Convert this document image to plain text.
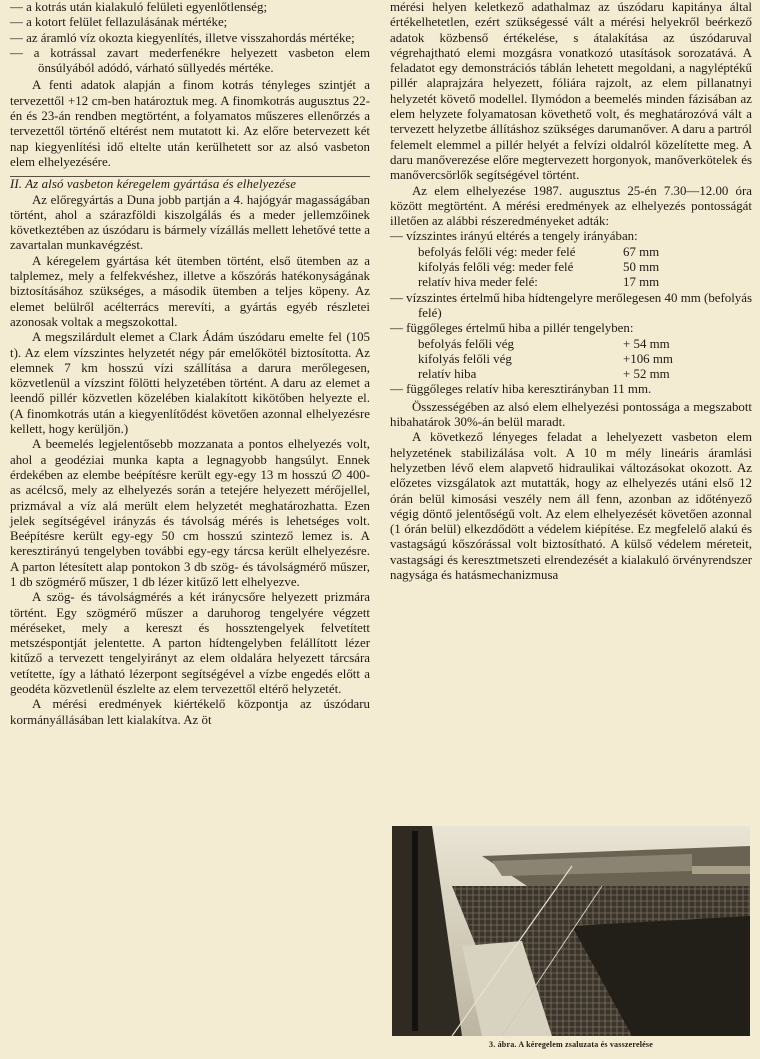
— a kotrás után kialakuló felületi egyenlőtlenség;

— a kotort felület fellazulásának mértéke;

— az áramló víz okozta kiegyenlítés, illetve visszahordás mértéke;

— a kotrással zavart mederfenékre helyezett vasbeton elem önsúlyából adódó, várható süllyedés mértéke.

A fenti adatok alapján a finom kotrás tényleges szintjét a tervezettől +12 cm-ben határoztuk meg. A finomkotrás augusztus 22-én és 23-án rendben megtörtént, a folyamatos műszeres ellenőrzés a tervezettől történő eltérést nem mutatott ki. Az előre betervezett két nap kiegyenlítési idő eltelte után kerülhetett sor az alsó vasbeton elem elhelyezésére.

II. Az alsó vasbeton kéregelem gyártása és elhelyezése

Az előregyártás a Duna jobb partján a 4. hajógyár magasságában történt, ahol a szárazföldi kiszolgálás és a meder jellemzőinek következtében az úszódaru is bármely vízállás mellett lehetővé tette a zavartalan munkavégzést.

A kéregelem gyártása két ütemben történt, első ütemben az a talplemez, mely a felfekvéshez, illetve a kőszórás hatékonyságának biztosításához szükséges, a második ütemben a teljes köpeny. Az elemet belülről acélterrács merevíti, a gyártás egyéb részletei azonosak voltak a megszokottal.

A megszilárdult elemet a Clark Ádám úszódaru emelte fel (105 t). Az elem vízszintes helyzetét négy pár emelőkötél biztosította. Az elemnek 7 km hosszú vízi szállítása a darura merőlegesen, közvetlenül a vízszint fölötti helyzetében történt. A daru az elemet a leendő pillér közvetlen közelében kialakított kikötőben helyezte el. (A finomkotrás után a kiegyenlítődést követően azonnal elhelyezésre kellett, hogy kerüljön.)

A beemelés legjelentősebb mozzanata a pontos elhelyezés volt, ahol a geodéziai munka kapta a legnagyobb hangsúlyt. Ennek érdekében az elembe beépítésre került egy-egy 13 m hosszú ∅ 400-as acélcső, mely az elhelyezés során a tetejére helyezett mérőjellel, prizmával a víz alá merült elem helyzetét meghatározhatta. Ezen jelek segítségével irányzás és távolság mérés is lehetséges volt. Beépítésre került egy-egy 50 cm hosszú szintező lemez is. A keresztirányú tengelyben további egy-egy tárcsa került elhelyezésre. A parton létesített alap pontokon 3 db szög- és távolságmérő műszer, 1 db szögmérő műszer, 1 db lézer kitűző lett elhelyezve.

A szög- és távolságmérés a két iránycsőre helyezett prizmára történt. Egy szögmérő műszer a daruhorog tengelyére végzett méréseket, mely a kereszt és hossztengelyek felvetített metszéspontját jelentette. A parton hídtengelyben felállított lézer kitűző a tervezett tengelyirányt az elem oldalára helyezett tárcsára vetítette, így a látható lézerpont segítségével a vízbe engedés előtt a geodéta közvetlenül észlelte az elem tervezettől eltérő helyzetét.

A mérési eredmények kiértékelő központja az úszódaru kormányállásában lett kialakítva. Az öt

mérési helyen keletkező adathalmaz az úszódaru kapitánya által értékelhetetlen, ezért szükségessé vált a mérési helyekről beérkező adatok közbenső értékelése, s átalakítása az úszódaruval végrehajtható elemi mozgásra vonatkozó utasítások sorozatává. A feladatot egy demonstrációs táblán lehetett megoldani, a nagyléptékű pillér alaprajzára helyezett, fóliára rajzolt, az elem pillanatnyi helyzetét követő modellel. Ilymódon a beemelés minden fázisában az elem helyzete folyamatosan követhető volt, és meghatározóvá vált a tervezett helyzetbe állításhoz szükséges darumanőver. A daru a partról felemelt elemmel a pillér helyét a felvízi oldalról közelítette meg. A daru manőverezése előre megtervezett horgonyok, manőverkötelek és manővercsörlők segítségével történt.

Az elem elhelyezése 1987. augusztus 25-én 7.30—12.00 óra között megtörtént. A mérési eredmények az elhelyezés pontosságát illetően az alábbi részeredményeket adták:

— vízszintes irányú eltérés a tengely irányában:

befolyás felőli vég: meder felé	67 mm
kifolyás felőli vég: meder felé	50 mm
relatív hiva meder felé:	17 mm

— vízszintes értelmű hiba hídtengelyre merőlegesen 40 mm (befolyás felé)

— függőleges értelmű hiba a pillér tengelyben:

befolyás felőli vég	+ 54 mm
kifolyás felőli vég	+106 mm
relatív hiba	+ 52 mm

— függőleges relatív hiba keresztirányban 11 mm.

Összességében az alsó elem elhelyezési pontossága a megszabott hibahatárok 30%-án belül maradt.

A következő lényeges feladat a lehelyezett vasbeton elem helyzetének stabilizálása volt. A 10 m mély lineáris áramlási helyzetben lévő elem alapvető hidraulikai változásokat okozott. Az előzetes vizsgálatok azt mutatták, hogy az elhelyezés utáni első 12 órán belül kimosási veszély nem áll fenn, azonban az időtényező végig döntő jelentőségű volt. Az elem elhelyezését követően azonnal (1 órán belül) elkezdődött a védelem kiépítése. Ez megfelelő alakú és vastagságú kőszórással volt biztosítható. A külső védelem méreteit, vastagsági és keresztmetszeti elrendezését a kialakuló örvényrendszer nagysága és hatásmechanizmusa

3. ábra. A kéregelem zsaluzata és vasszerelése
